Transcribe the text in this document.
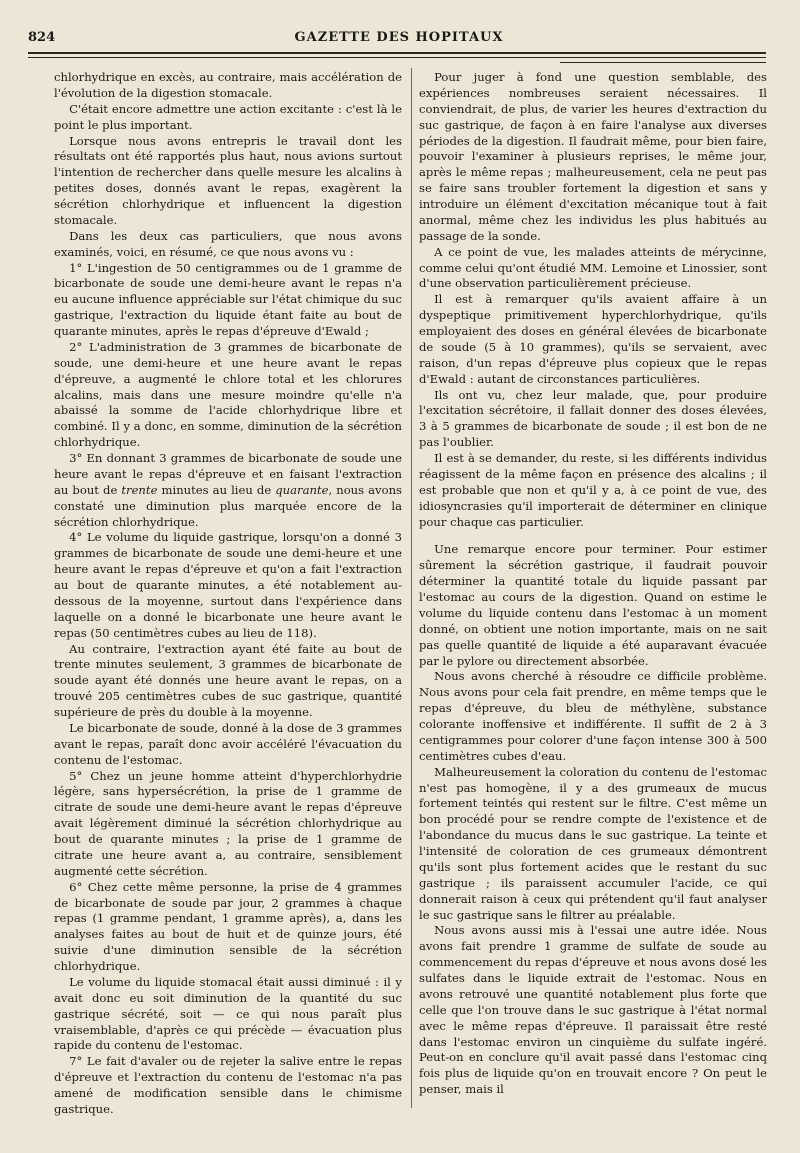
824	GAZETTE DES HOPITAUX

chlorhydrique en excès, au contraire, mais accélération de l'évolution de la digestion stomacale.

C'était encore admettre une action excitante : c'est là le point le plus important.

Lorsque nous avons entrepris le travail dont les résultats ont été rapportés plus haut, nous avions surtout l'intention de rechercher dans quelle mesure les alcalins à petites doses, donnés avant le repas, exagèrent la sécrétion chlorhydrique et influencent la digestion stomacale.

Dans les deux cas particuliers, que nous avons examinés, voici, en résumé, ce que nous avons vu :

1° L'ingestion de 50 centigrammes ou de 1 gramme de bicarbonate de soude une demi-heure avant le repas n'a eu aucune influence appréciable sur l'état chimique du suc gastrique, l'extraction du liquide étant faite au bout de quarante minutes, après le repas d'épreuve d'Ewald ;

2° L'administration de 3 grammes de bicarbonate de soude, une demi-heure et une heure avant le repas d'épreuve, a augmenté le chlore total et les chlorures alcalins, mais dans une mesure moindre qu'elle n'a abaissé la somme de l'acide chlorhydrique libre et combiné. Il y a donc, en somme, diminution de la sécrétion chlorhydrique.

3° En donnant 3 grammes de bicarbonate de soude une heure avant le repas d'épreuve et en faisant l'extraction au bout de trente minutes au lieu de quarante, nous avons constaté une diminution plus marquée encore de la sécrétion chlorhydrique.

4° Le volume du liquide gastrique, lorsqu'on a donné 3 grammes de bicarbonate de soude une demi-heure et une heure avant le repas d'épreuve et qu'on a fait l'extraction au bout de quarante minutes, a été notablement au-dessous de la moyenne, surtout dans l'expérience dans laquelle on a donné le bicarbonate une heure avant le repas (50 centimètres cubes au lieu de 118).

Au contraire, l'extraction ayant été faite au bout de trente minutes seulement, 3 grammes de bicarbonate de soude ayant été donnés une heure avant le repas, on a trouvé 205 centimètres cubes de suc gastrique, quantité supérieure de près du double à la moyenne.

Le bicarbonate de soude, donné à la dose de 3 grammes avant le repas, paraît donc avoir accéléré l'évacuation du contenu de l'estomac.

5° Chez un jeune homme atteint d'hyperchlorhydrie légère, sans hypersécrétion, la prise de 1 gramme de citrate de soude une demi-heure avant le repas d'épreuve avait légèrement diminué la sécrétion chlorhydrique au bout de quarante minutes ; la prise de 1 gramme de citrate une heure avant a, au contraire, sensiblement augmenté cette sécrétion.

6° Chez cette même personne, la prise de 4 grammes de bicarbonate de soude par jour, 2 grammes à chaque repas (1 gramme pendant, 1 gramme après), a, dans les analyses faites au bout de huit et de quinze jours, été suivie d'une diminution sensible de la sécrétion chlorhydrique.

Le volume du liquide stomacal était aussi diminué : il y avait donc eu soit diminution de la quantité du suc gastrique sécrété, soit — ce qui nous paraît plus vraisemblable, d'après ce qui précède — évacuation plus rapide du contenu de l'estomac.

7° Le fait d'avaler ou de rejeter la salive entre le repas d'épreuve et l'extraction du contenu de l'estomac n'a pas amené de modification sensible dans le chimisme gastrique.

Pour juger à fond une question semblable, des expériences nombreuses seraient nécessaires. Il conviendrait, de plus, de varier les heures d'extraction du suc gastrique, de façon à en faire l'analyse aux diverses périodes de la digestion. Il faudrait même, pour bien faire, pouvoir l'examiner à plusieurs reprises, le même jour, après le même repas ; malheureusement, cela ne peut pas se faire sans troubler fortement la digestion et sans y introduire un élément d'excitation mécanique tout à fait anormal, même chez les individus les plus habitués au passage de la sonde.

A ce point de vue, les malades atteints de mérycinne, comme celui qu'ont étudié MM. Lemoine et Linossier, sont d'une observation particulièrement précieuse.

Il est à remarquer qu'ils avaient affaire à un dyspeptique primitivement hyperchlorhydrique, qu'ils employaient des doses en général élevées de bicarbonate de soude (5 à 10 grammes), qu'ils se servaient, avec raison, d'un repas d'épreuve plus copieux que le repas d'Ewald : autant de circonstances particulières.

Ils ont vu, chez leur malade, que, pour produire l'excitation sécrétoire, il fallait donner des doses élevées, 3 à 5 grammes de bicarbonate de soude ; il est bon de ne pas l'oublier.

Il est à se demander, du reste, si les différents individus réagissent de la même façon en présence des alcalins ; il est probable que non et qu'il y a, à ce point de vue, des idiosyncrasies qu'il importerait de déterminer en clinique pour chaque cas particulier.

Une remarque encore pour terminer. Pour estimer sûrement la sécrétion gastrique, il faudrait pouvoir déterminer la quantité totale du liquide passant par l'estomac au cours de la digestion. Quand on estime le volume du liquide contenu dans l'estomac à un moment donné, on obtient une notion importante, mais on ne sait pas quelle quantité de liquide a été auparavant évacuée par le pylore ou directement absorbée.

Nous avons cherché à résoudre ce difficile problème. Nous avons pour cela fait prendre, en même temps que le repas d'épreuve, du bleu de méthylène, substance colorante inoffensive et indifférente. Il suffit de 2 à 3 centigrammes pour colorer d'une façon intense 300 à 500 centimètres cubes d'eau.

Malheureusement la coloration du contenu de l'estomac n'est pas homogène, il y a des grumeaux de mucus fortement teintés qui restent sur le filtre. C'est même un bon procédé pour se rendre compte de l'existence et de l'abondance du mucus dans le suc gastrique. La teinte et l'intensité de coloration de ces grumeaux démontrent qu'ils sont plus fortement acides que le restant du suc gastrique ; ils paraissent accumuler l'acide, ce qui donnerait raison à ceux qui prétendent qu'il faut analyser le suc gastrique sans le filtrer au préalable.

Nous avons aussi mis à l'essai une autre idée. Nous avons fait prendre 1 gramme de sulfate de soude au commencement du repas d'épreuve et nous avons dosé les sulfates dans le liquide extrait de l'estomac. Nous en avons retrouvé une quantité notablement plus forte que celle que l'on trouve dans le suc gastrique à l'état normal avec le même repas d'épreuve. Il paraissait être resté dans l'estomac environ un cinquième du sulfate ingéré. Peut-on en conclure qu'il avait passé dans l'estomac cinq fois plus de liquide qu'on en trouvait encore ? On peut le penser, mais il
